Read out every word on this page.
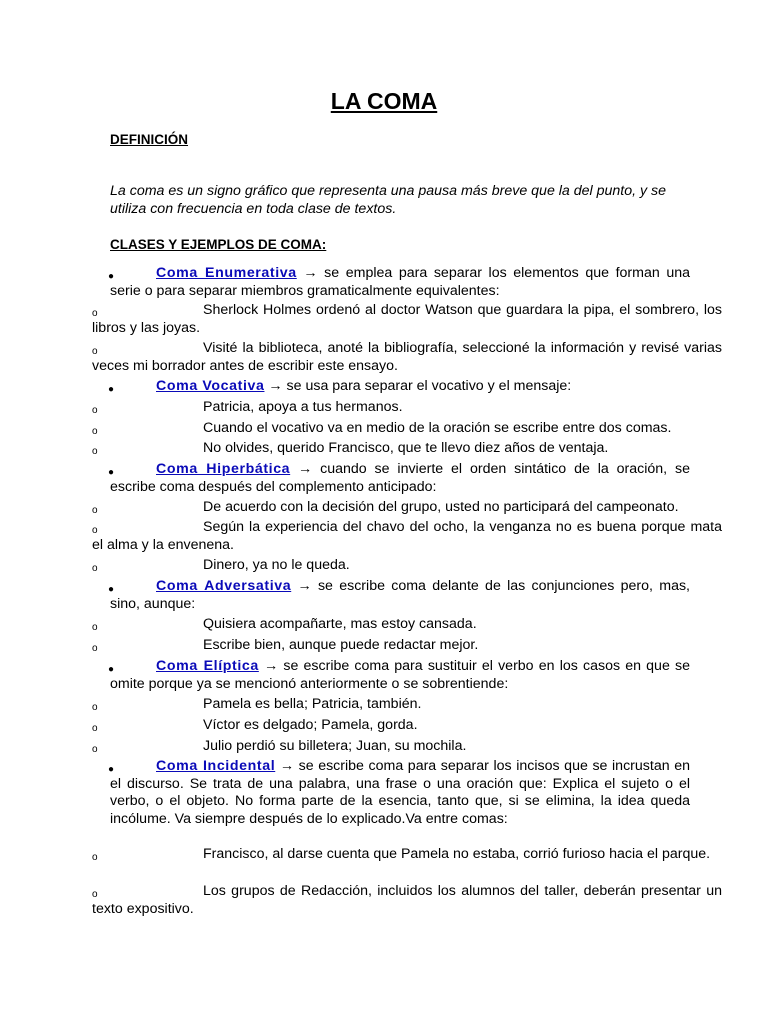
LA COMA
DEFINICIÓN
La coma es un signo gráfico que representa una pausa más breve que la del punto, y se utiliza con frecuencia en toda clase de textos.
CLASES Y EJEMPLOS DE COMA:
●	Coma Enumerativa → se emplea para separar los elementos que forman una serie o para separar miembros gramaticalmente equivalentes:
o	Sherlock Holmes ordenó al doctor Watson que guardara la pipa, el sombrero, los libros y las joyas.
o	Visité la biblioteca, anoté la bibliografía, seleccioné la información y revisé varias veces mi borrador antes de escribir este ensayo.
●	Coma Vocativa → se usa para separar el vocativo y el mensaje:
o	Patricia, apoya a tus hermanos.
o	Cuando el vocativo va en medio de la oración se escribe entre dos comas.
o	No olvides, querido Francisco, que te llevo diez años de ventaja.
●	Coma Hiperbática → cuando se invierte el orden sintático de la oración, se escribe coma después del complemento anticipado:
o	De acuerdo con la decisión del grupo, usted no participará del campeonato.
o	Según la experiencia del chavo del ocho, la venganza no es buena porque mata el alma y la envenena.
o	Dinero, ya no le queda.
●	Coma Adversativa → se escribe coma delante de las conjunciones pero, mas, sino, aunque:
o	Quisiera acompañarte, mas estoy cansada.
o	Escribe bien, aunque puede redactar mejor.
●	Coma Elíptica → se escribe coma para sustituir el verbo en los casos en que se omite porque ya se mencionó anteriormente o se sobrentiende:
o	Pamela es bella; Patricia, también.
o	Víctor es delgado; Pamela, gorda.
o	Julio perdió su billetera; Juan, su mochila.
●	Coma Incidental → se escribe coma para separar los incisos que se incrustan en el discurso. Se trata de una palabra, una frase o una oración que: Explica el sujeto o el verbo, o el objeto. No forma parte de la esencia, tanto que, si se elimina, la idea queda incólume. Va siempre después de lo explicado.Va entre comas:
o	Francisco, al darse cuenta que Pamela no estaba, corrió furioso hacia el parque.
o	Los grupos de Redacción, incluidos los alumnos del taller, deberán presentar un texto expositivo.
